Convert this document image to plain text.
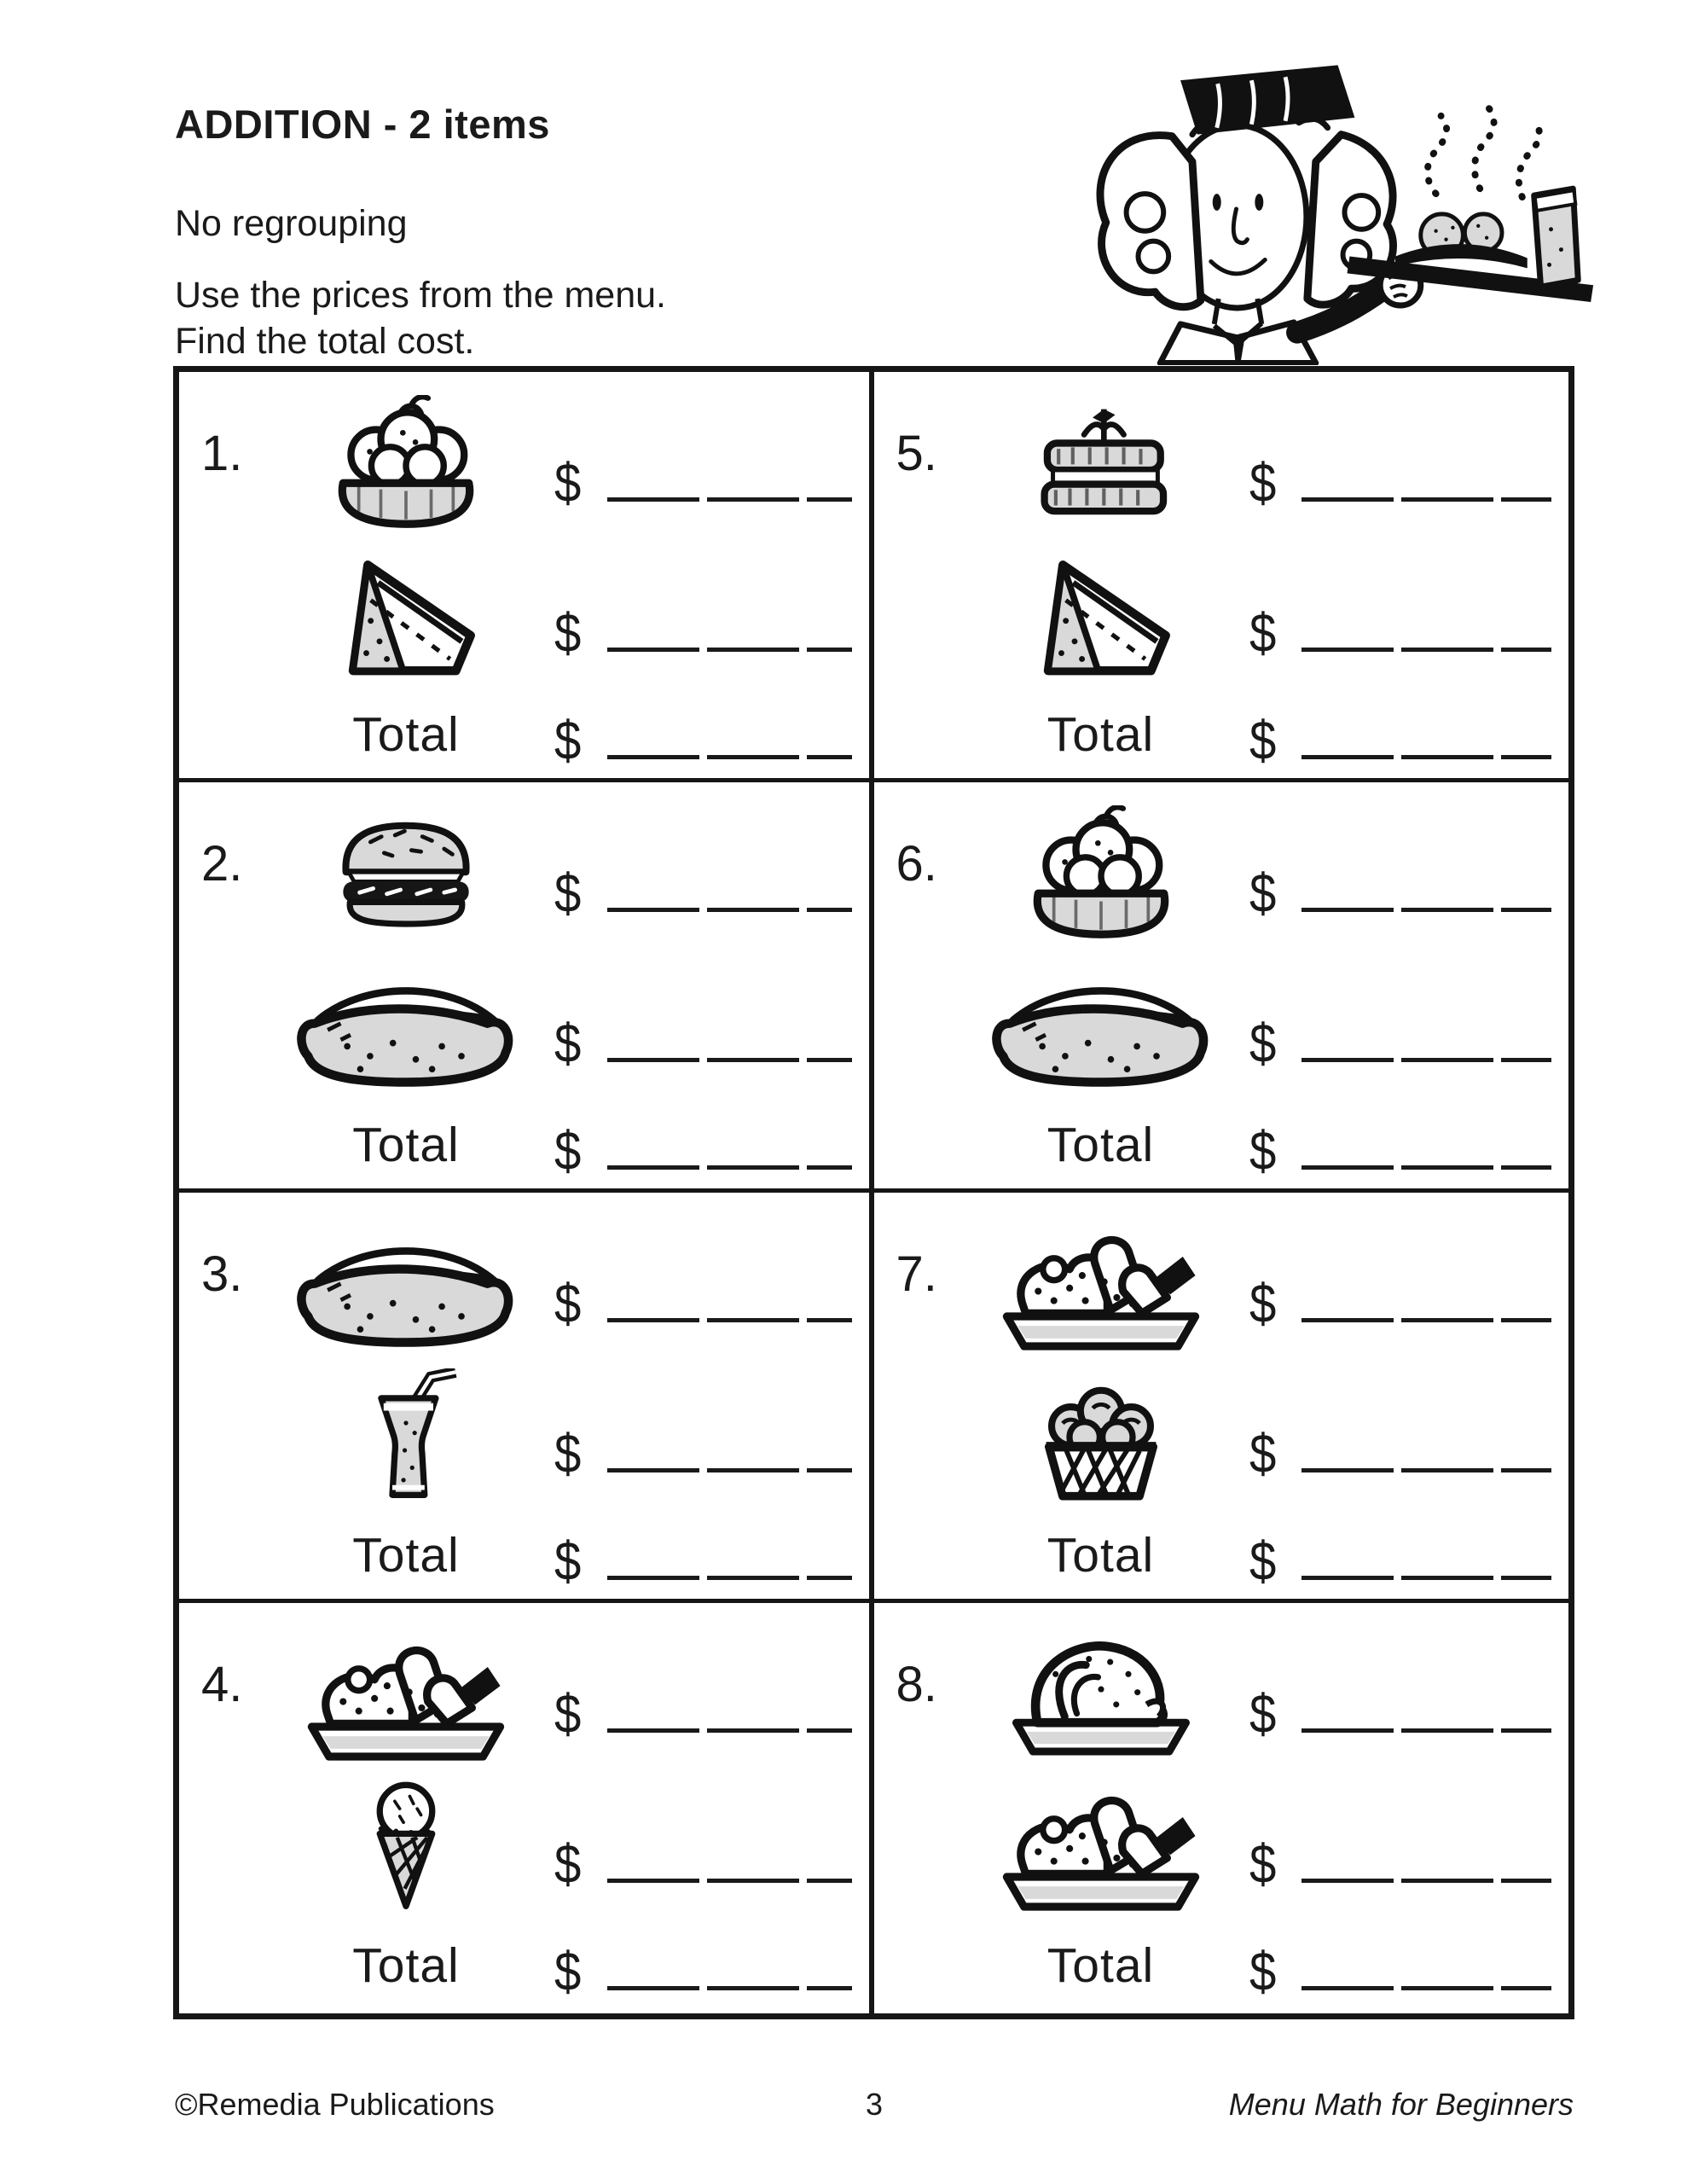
ADDITION - 2 items
No regrouping
Use the prices from the menu.
Find the total cost.
1.	$
$
Total $
2.	$
$
Total $
3.	$
$
Total $
4.	$
$
Total $
5.	$
$
Total $
6.	$
$
Total $
7.	$
$
Total $
8.	$
$
Total $
©Remedia Publications	3	Menu Math for Beginners
